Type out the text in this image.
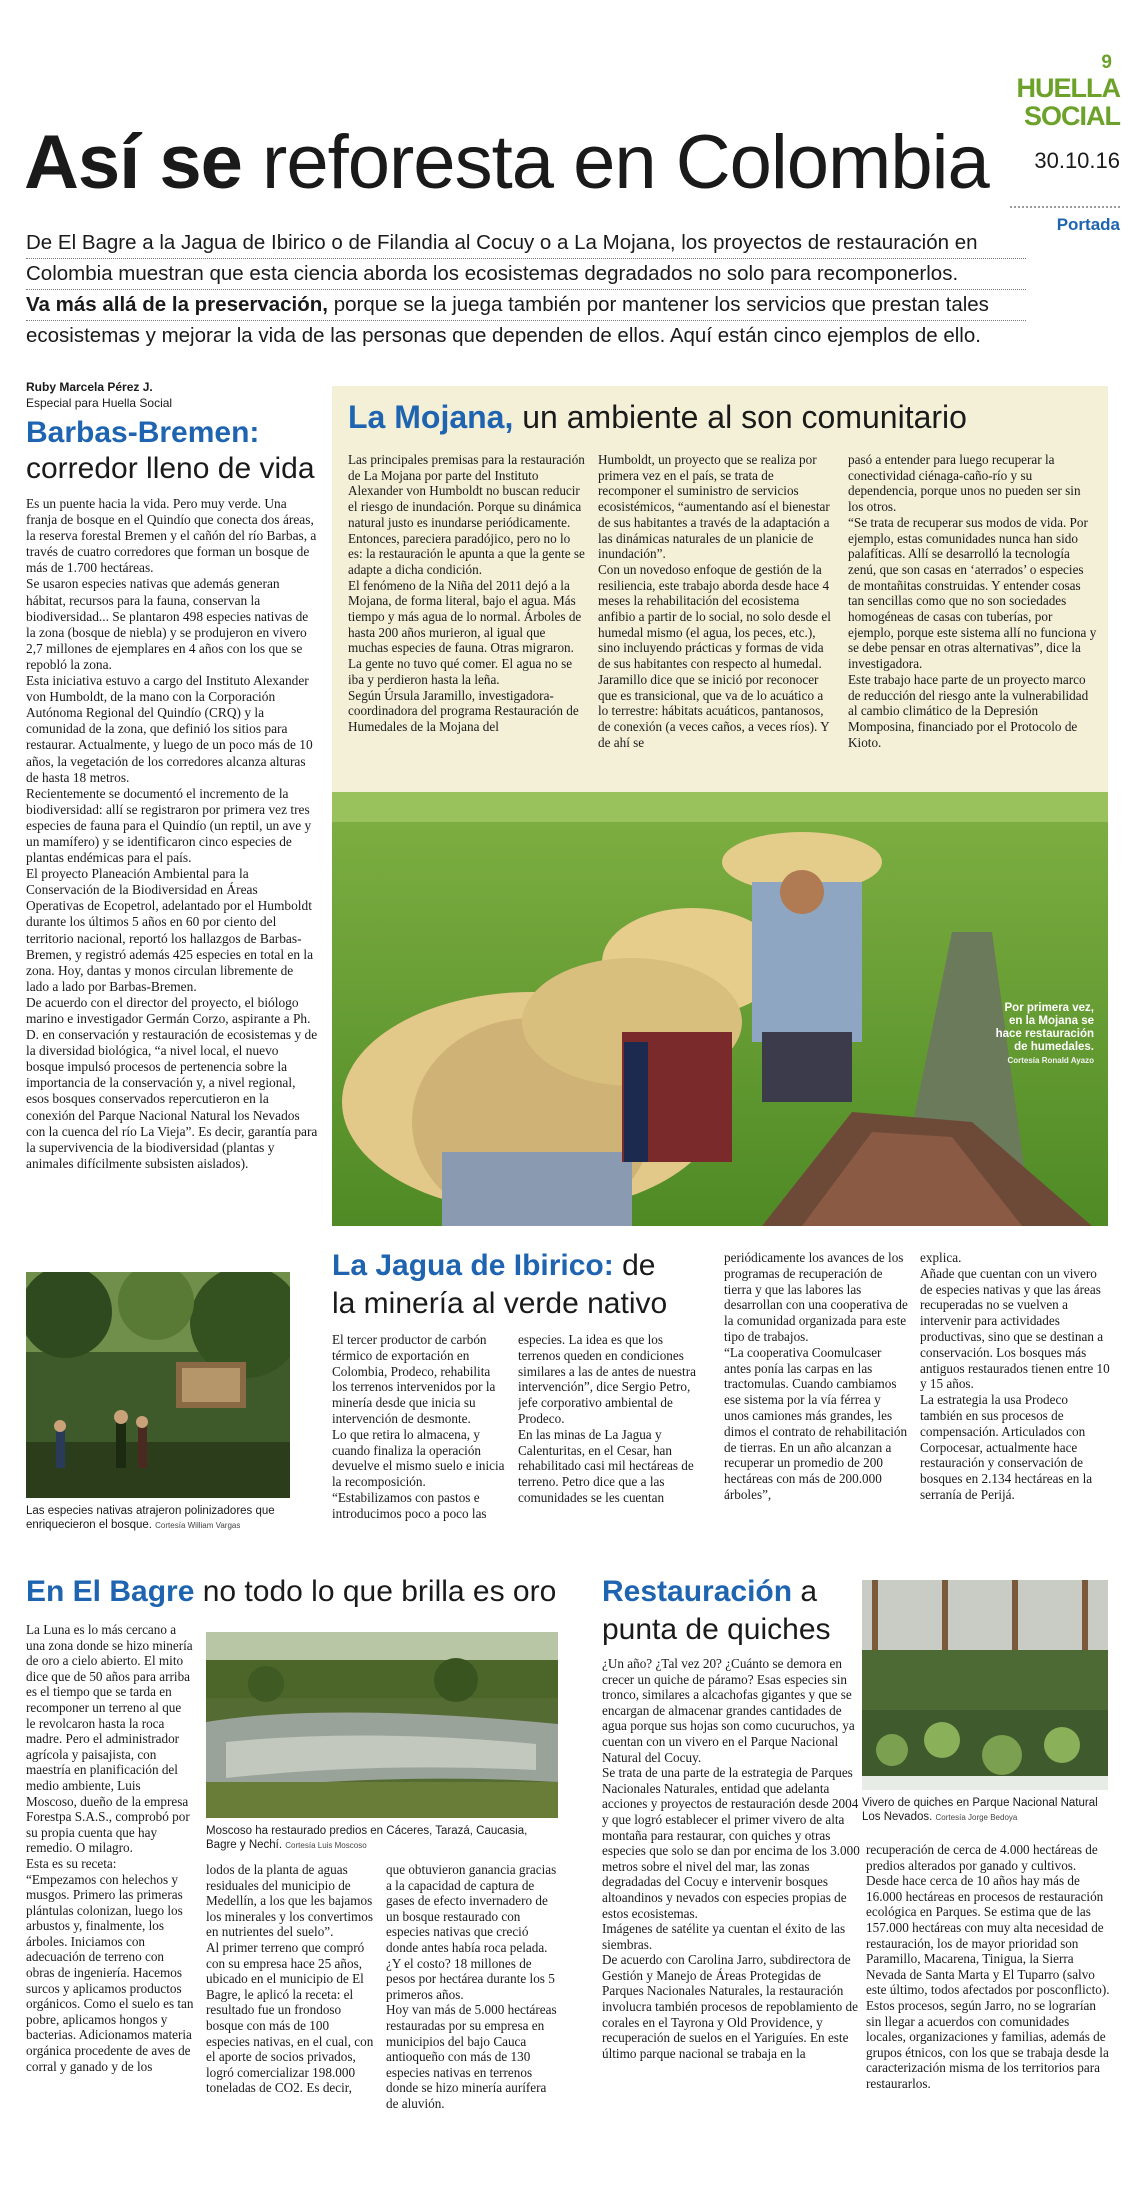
9
HUELLA
SOCIAL
30.10.16
Portada
Así se reforesta en Colombia

De El Bagre a la Jagua de Ibirico o de Filandia al Cocuy o a La Mojana, los proyectos de restauración en

Colombia muestran que esta ciencia aborda los ecosistemas degradados no solo para recomponerlos.

Va más allá de la preservación, porque se la juega también por mantener los servicios que prestan tales

ecosistemas y mejorar la vida de las personas que dependen de ellos. Aquí están cinco ejemplos de ello.

Ruby Marcela Pérez J.
Especial para Huella Social
Barbas-Bremen:
corredor lleno de vida
Es un puente hacia la vida. Pero muy verde. Una franja de bosque en el Quindío que conecta dos áreas, la reserva forestal Bremen y el cañón del río Barbas, a través de cuatro corredores que forman un bosque de más de 1.700 hectáreas.
Se usaron especies nativas que además generan hábitat, recursos para la fauna, conservan la biodiversidad... Se plantaron 498 especies nativas de la zona (bosque de niebla) y se produjeron en vivero 2,7 millones de ejemplares en 4 años con los que se repobló la zona.
Esta iniciativa estuvo a cargo del Instituto Alexander von Humboldt, de la mano con la Corporación Autónoma Regional del Quindío (CRQ) y la comunidad de la zona, que definió los sitios para restaurar. Actualmente, y luego de un poco más de 10 años, la vegetación de los corredores alcanza alturas de hasta 18 metros.
Recientemente se documentó el incremento de la biodiversidad: allí se registraron por primera vez tres especies de fauna para el Quindío (un reptil, un ave y un mamífero) y se identificaron cinco especies de plantas endémicas para el país.
El proyecto Planeación Ambiental para la Conservación de la Biodiversidad en Áreas Operativas de Ecopetrol, adelantado por el Humboldt durante los últimos 5 años en 60 por ciento del territorio nacional, reportó los hallazgos de Barbas-Bremen, y registró además 425 especies en total en la zona. Hoy, dantas y monos circulan libremente de lado a lado por Barbas-Bremen.
De acuerdo con el director del proyecto, el biólogo marino e investigador Germán Corzo, aspirante a Ph. D. en conservación y restauración de ecosistemas y de la diversidad biológica, “a nivel local, el nuevo bosque impulsó procesos de pertenencia sobre la importancia de la conservación y, a nivel regional, esos bosques conservados repercutieron en la conexión del Parque Nacional Natural los Nevados con la cuenca del río La Vieja”. Es decir, garantía para la supervivencia de la biodiversidad (plantas y animales difícilmente subsisten aislados).
Las especies nativas atrajeron polinizadores que enriquecieron el bosque. Cortesía William Vargas
La Mojana, un ambiente al son comunitario
Las principales premisas para la restauración de La Mojana por parte del Instituto Alexander von Humboldt no buscan reducir el riesgo de inundación. Porque su dinámica natural justo es inundarse periódicamente. Entonces, pareciera paradójico, pero no lo es: la restauración le apunta a que la gente se adapte a dicha condición.
El fenómeno de la Niña del 2011 dejó a la Mojana, de forma literal, bajo el agua. Más tiempo y más agua de lo normal. Árboles de hasta 200 años murieron, al igual que muchas especies de fauna. Otras migraron. La gente no tuvo qué comer. El agua no se iba y perdieron hasta la leña.
Según Úrsula Jaramillo, investigadora-coordinadora del programa Restauración de Humedales de la Mojana del
Humboldt, un proyecto que se realiza por primera vez en el país, se trata de recomponer el suministro de servicios ecosistémicos, “aumentando así el bienestar de sus habitantes a través de la adaptación a las dinámicas naturales de un planicie de inundación”.
Con un novedoso enfoque de gestión de la resiliencia, este trabajo aborda desde hace 4 meses la rehabilitación del ecosistema anfibio a partir de lo social, no solo desde el humedal mismo (el agua, los peces, etc.), sino incluyendo prácticas y formas de vida de sus habitantes con respecto al humedal.
Jaramillo dice que se inició por reconocer que es transicional, que va de lo acuático a lo terrestre: hábitats acuáticos, pantanosos, de conexión (a veces caños, a veces ríos). Y de ahí se
pasó a entender para luego recuperar la conectividad ciénaga-caño-río y su dependencia, porque unos no pueden ser sin los otros.
“Se trata de recuperar sus modos de vida. Por ejemplo, estas comunidades nunca han sido palafíticas. Allí se desarrolló la tecnología zenú, que son casas en ‘aterrados’ o especies de montañitas construidas. Y entender cosas tan sencillas como que no son sociedades homogéneas de casas con tuberías, por ejemplo, porque este sistema allí no funciona y se debe pensar en otras alternativas”, dice la investigadora.
Este trabajo hace parte de un proyecto marco de reducción del riesgo ante la vulnerabilidad al cambio climático de la Depresión Momposina, financiado por el Protocolo de Kioto.
Por primera vez, en la Mojana se hace restauración de humedales.
Cortesía Ronald Ayazo
La Jagua de Ibirico: de
la minería al verde nativo
El tercer productor de carbón térmico de exportación en Colombia, Prodeco, rehabilita los terrenos intervenidos por la minería desde que inicia su intervención de desmonte.
Lo que retira lo almacena, y cuando finaliza la operación devuelve el mismo suelo e inicia la recomposición.
“Estabilizamos con pastos e introducimos poco a poco las
especies. La idea es que los terrenos queden en condiciones similares a las de antes de nuestra intervención”, dice Sergio Petro, jefe corporativo ambiental de Prodeco.
En las minas de La Jagua y Calenturitas, en el Cesar, han rehabilitado casi mil hectáreas de terreno. Petro dice que a las comunidades se les cuentan
periódicamente los avances de los programas de recuperación de tierra y que las labores las desarrollan con una cooperativa de la comunidad organizada para este tipo de trabajos.
“La cooperativa Coomulcaser antes ponía las carpas en las tractomulas. Cuando cambiamos ese sistema por la vía férrea y unos camiones más grandes, les dimos el contrato de rehabilitación de tierras. En un año alcanzan a recuperar un promedio de 200 hectáreas con más de 200.000 árboles”,
explica.
Añade que cuentan con un vivero de especies nativas y que las áreas recuperadas no se vuelven a intervenir para actividades productivas, sino que se destinan a conservación. Los bosques más antiguos restaurados tienen entre 10 y 15 años.
La estrategia la usa Prodeco también en sus procesos de compensación. Articulados con Corpocesar, actualmente hace restauración y conservación de bosques en 2.134 hectáreas en la serranía de Perijá.
En El Bagre no todo lo que brilla es oro
La Luna es lo más cercano a una zona donde se hizo minería de oro a cielo abierto. El mito dice que de 50 años para arriba es el tiempo que se tarda en recomponer un terreno al que le revolcaron hasta la roca madre. Pero el administrador agrícola y paisajista, con maestría en planificación del medio ambiente, Luis Moscoso, dueño de la empresa Forestpa S.A.S., comprobó por su propia cuenta que hay remedio. O milagro.
Esta es su receta:
“Empezamos con helechos y musgos. Primero las primeras plántulas colonizan, luego los arbustos y, finalmente, los árboles. Iniciamos con adecuación de terreno con obras de ingeniería. Hacemos surcos y aplicamos productos orgánicos. Como el suelo es tan pobre, aplicamos hongos y bacterias. Adicionamos materia orgánica procedente de aves de corral y ganado y de los
Moscoso ha restaurado predios en Cáceres, Tarazá, Caucasia, Bagre y Nechí. Cortesía Luis Moscoso
lodos de la planta de aguas residuales del municipio de Medellín, a los que les bajamos los minerales y los convertimos en nutrientes del suelo”.
Al primer terreno que compró con su empresa hace 25 años, ubicado en el municipio de El Bagre, le aplicó la receta: el resultado fue un frondoso bosque con más de 100 especies nativas, en el cual, con el aporte de socios privados, logró comercializar 198.000 toneladas de CO2. Es decir,
que obtuvieron ganancia gracias a la capacidad de captura de gases de efecto invernadero de un bosque restaurado con especies nativas que creció donde antes había roca pelada.
¿Y el costo? 18 millones de pesos por hectárea durante los 5 primeros años.
Hoy van más de 5.000 hectáreas restauradas por su empresa en municipios del bajo Cauca antioqueño con más de 130 especies nativas en terrenos donde se hizo minería aurífera de aluvión.
Restauración a
punta de quiches
¿Un año? ¿Tal vez 20? ¿Cuánto se demora en crecer un quiche de páramo? Esas especies sin tronco, similares a alcachofas gigantes y que se encargan de almacenar grandes cantidades de agua porque sus hojas son como cucuruchos, ya cuentan con un vivero en el Parque Nacional Natural del Cocuy.
Se trata de una parte de la estrategia de Parques Nacionales Naturales, entidad que adelanta acciones y proyectos de restauración desde 2004 y que logró establecer el primer vivero de alta montaña para restaurar, con quiches y otras especies que solo se dan por encima de los 3.000 metros sobre el nivel del mar, las zonas degradadas del Cocuy e intervenir bosques altoandinos y nevados con especies propias de estos ecosistemas.
Imágenes de satélite ya cuentan el éxito de las siembras.
De acuerdo con Carolina Jarro, subdirectora de Gestión y Manejo de Áreas Protegidas de Parques Nacionales Naturales, la restauración involucra también procesos de repoblamiento de corales en el Tayrona y Old Providence, y recuperación de suelos en el Yariguíes. En este último parque nacional se trabaja en la
Vivero de quiches en Parque Nacional Natural Los Nevados. Cortesía Jorge Bedoya
recuperación de cerca de 4.000 hectáreas de predios alterados por ganado y cultivos.
Desde hace cerca de 10 años hay más de 16.000 hectáreas en procesos de restauración ecológica en Parques. Se estima que de las 157.000 hectáreas con muy alta necesidad de restauración, los de mayor prioridad son Paramillo, Macarena, Tinigua, la Sierra Nevada de Santa Marta y El Tuparro (salvo este último, todos afectados por posconflicto).
Estos procesos, según Jarro, no se lograrían sin llegar a acuerdos con comunidades locales, organizaciones y familias, además de grupos étnicos, con los que se trabaja desde la caracterización misma de los territorios para restaurarlos.
